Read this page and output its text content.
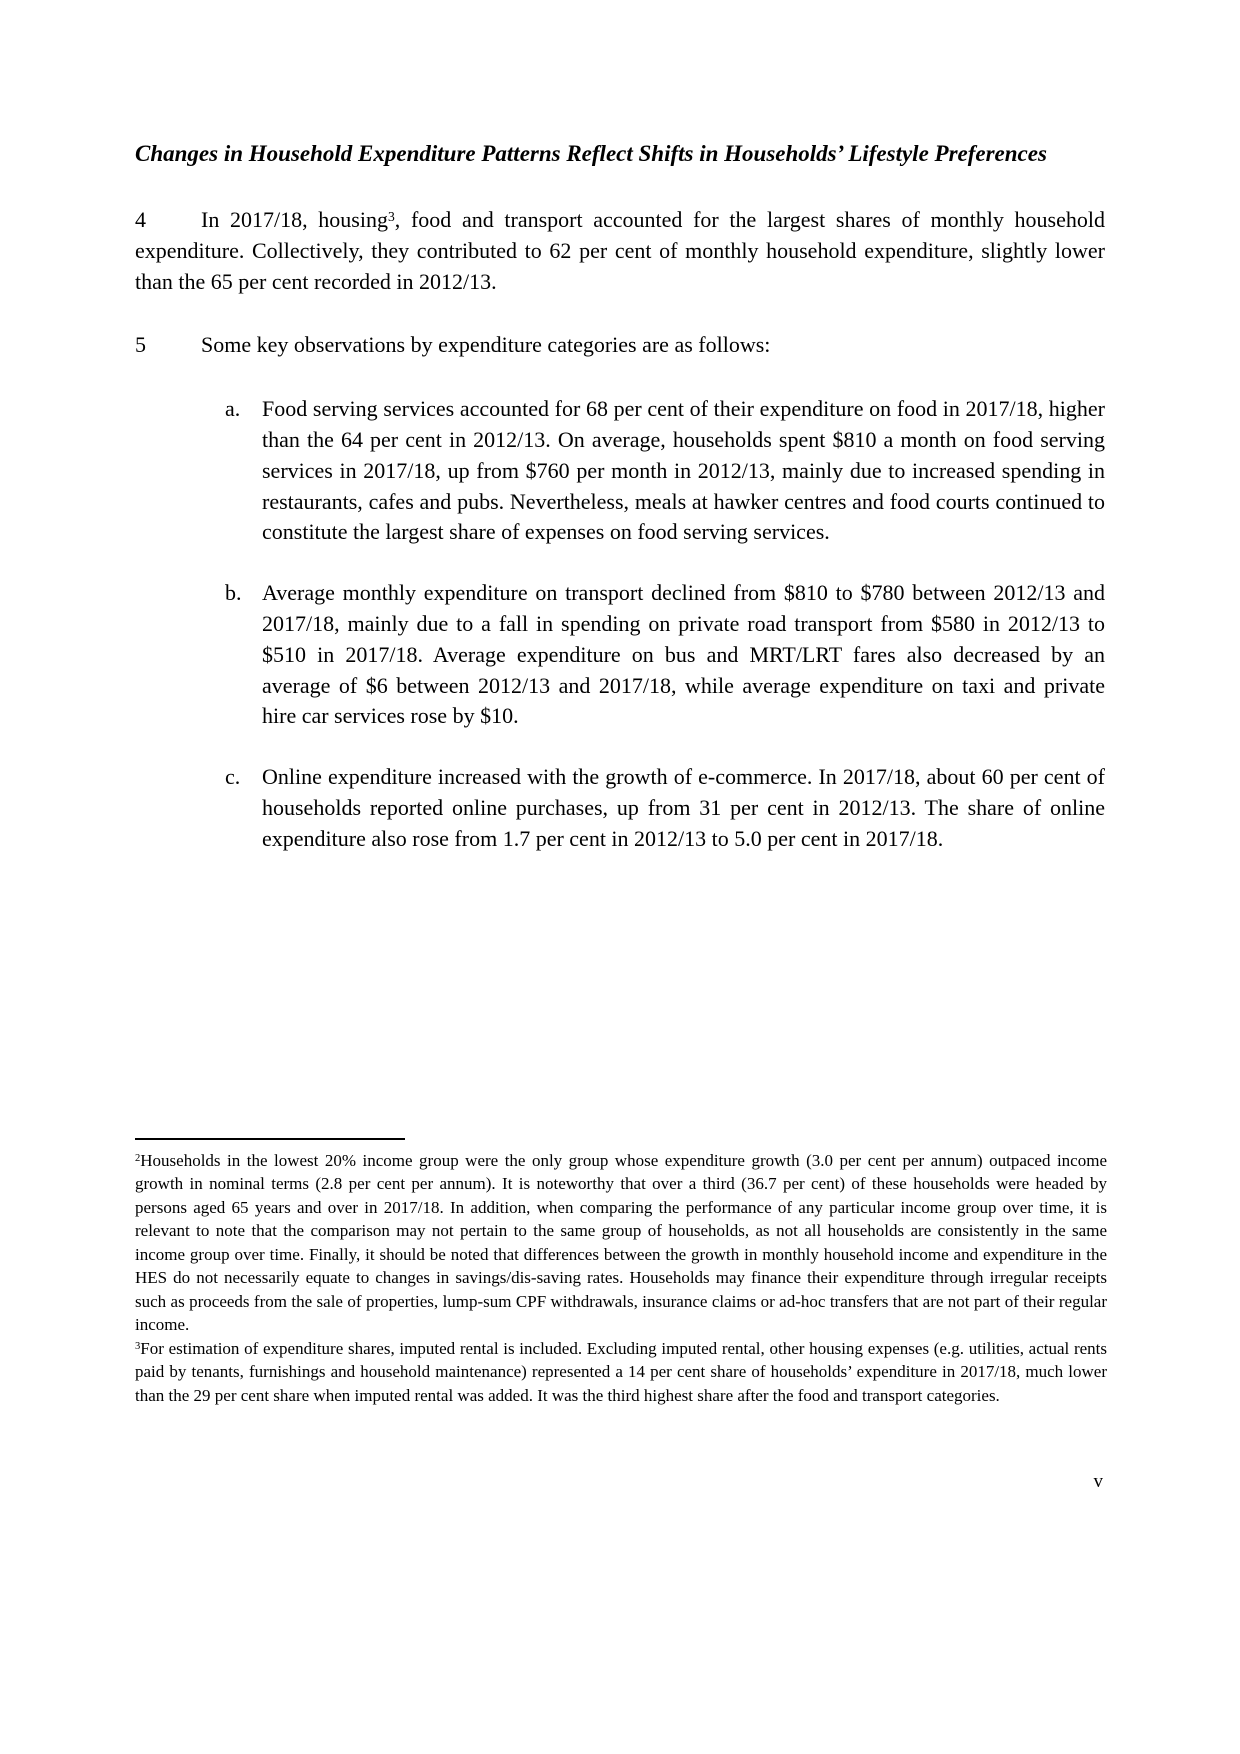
Changes in Household Expenditure Patterns Reflect Shifts in Households’ Lifestyle Preferences

4	In 2017/18, housing$^3$, food and transport accounted for the largest shares of monthly household expenditure. Collectively, they contributed to 62 per cent of monthly household expenditure, slightly lower than the 65 per cent recorded in 2012/13.

5	Some key observations by expenditure categories are as follows:

a. Food serving services accounted for 68 per cent of their expenditure on food in 2017/18, higher than the 64 per cent in 2012/13. On average, households spent $810 a month on food serving services in 2017/18, up from $760 per month in 2012/13, mainly due to increased spending in restaurants, cafes and pubs. Nevertheless, meals at hawker centres and food courts continued to constitute the largest share of expenses on food serving services.
b. Average monthly expenditure on transport declined from $810 to $780 between 2012/13 and 2017/18, mainly due to a fall in spending on private road transport from $580 in 2012/13 to $510 in 2017/18. Average expenditure on bus and MRT/LRT fares also decreased by an average of $6 between 2012/13 and 2017/18, while average expenditure on taxi and private hire car services rose by $10.
c. Online expenditure increased with the growth of e-commerce. In 2017/18, about 60 per cent of households reported online purchases, up from 31 per cent in 2012/13. The share of online expenditure also rose from 1.7 per cent in 2012/13 to 5.0 per cent in 2017/18.

$^2$Households in the lowest 20% income group were the only group whose expenditure growth (3.0 per cent per annum) outpaced income growth in nominal terms (2.8 per cent per annum). It is noteworthy that over a third (36.7 per cent) of these households were headed by persons aged 65 years and over in 2017/18. In addition, when comparing the performance of any particular income group over time, it is relevant to note that the comparison may not pertain to the same group of households, as not all households are consistently in the same income group over time. Finally, it should be noted that differences between the growth in monthly household income and expenditure in the HES do not necessarily equate to changes in savings/dis-saving rates. Households may finance their expenditure through irregular receipts such as proceeds from the sale of properties, lump-sum CPF withdrawals, insurance claims or ad-hoc transfers that are not part of their regular income.

$^3$For estimation of expenditure shares, imputed rental is included. Excluding imputed rental, other housing expenses (e.g. utilities, actual rents paid by tenants, furnishings and household maintenance) represented a 14 per cent share of households’ expenditure in 2017/18, much lower than the 29 per cent share when imputed rental was added. It was the third highest share after the food and transport categories.

v
